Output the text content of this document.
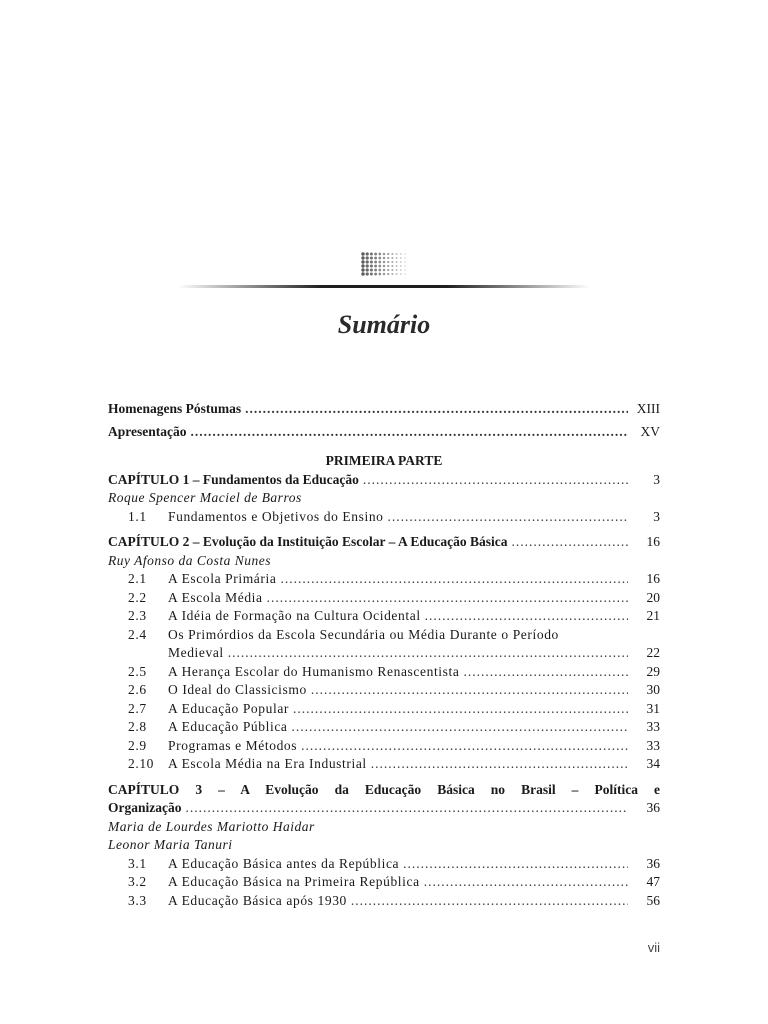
Sumário
Homenagens Póstumas .....	XIII
Apresentação .....	XV
PRIMEIRA PARTE
CAPÍTULO 1 – Fundamentos da Educação .....	3
Roque Spencer Maciel de Barros
1.1 Fundamentos e Objetivos do Ensino .....	3
CAPÍTULO 2 – Evolução da Instituição Escolar – A Educação Básica .....	16
Ruy Afonso da Costa Nunes
2.1 A Escola Primária .....	16
2.2 A Escola Média .....	20
2.3 A Idéia de Formação na Cultura Ocidental .....	21
2.4	Os Primórdios da Escola Secundária ou Média Durante o Período
Medieval .....	22
2.5 A Herança Escolar do Humanismo Renascentista .....	29
2.6 O Ideal do Classicismo .....	30
2.7 A Educação Popular .....	31
2.8 A Educação Pública .....	33
2.9 Programas e Métodos .....	33
2.10 A Escola Média na Era Industrial .....	34
CAPÍTULO 3 – A Evolução da Educação Básica no Brasil – Política e
Organização .....	36
Maria de Lourdes Mariotto Haidar
Leonor Maria Tanuri
3.1 A Educação Básica antes da República .....	36
3.2 A Educação Básica na Primeira República .....	47
3.3 A Educação Básica após 1930 .....	56
vii
